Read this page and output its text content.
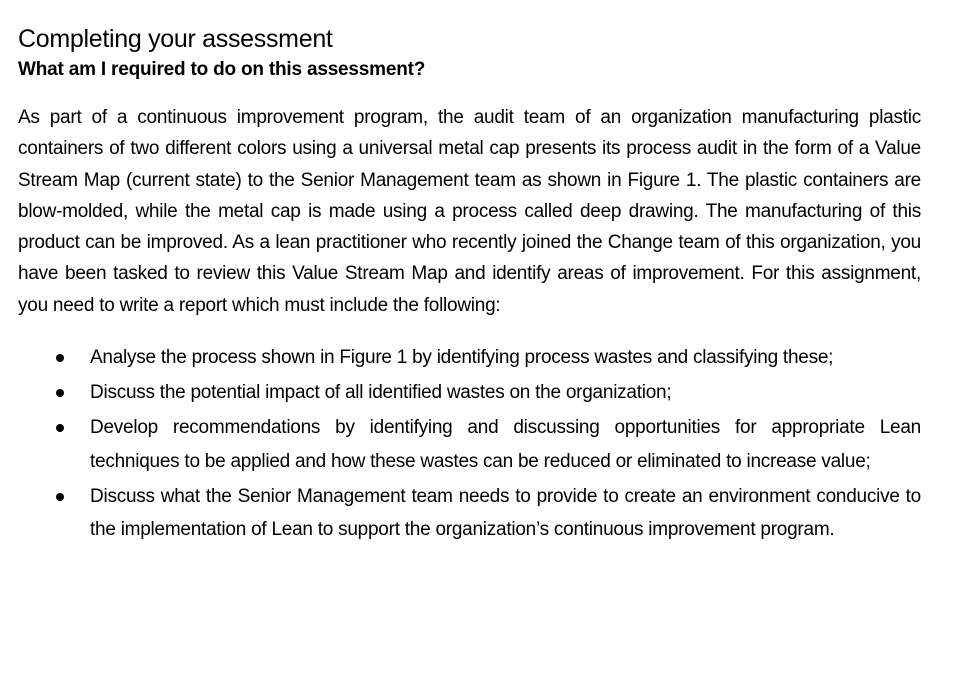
Completing your assessment
What am I required to do on this assessment?

As part of a continuous improvement program, the audit team of an organization manufacturing plastic containers of two different colors using a universal metal cap presents its process audit in the form of a Value Stream Map (current state) to the Senior Management team as shown in Figure 1. The plastic containers are blow-molded, while the metal cap is made using a process called deep drawing. The manufacturing of this product can be improved. As a lean practitioner who recently joined the Change team of this organization, you have been tasked to review this Value Stream Map and identify areas of improvement. For this assignment, you need to write a report which must include the following:

Analyse the process shown in Figure 1 by identifying process wastes and classifying these;
Discuss the potential impact of all identified wastes on the organization;
Develop recommendations by identifying and discussing opportunities for appropriate Lean techniques to be applied and how these wastes can be reduced or eliminated to increase value;
Discuss what the Senior Management team needs to provide to create an environment conducive to the implementation of Lean to support the organization’s continuous improvement program.
